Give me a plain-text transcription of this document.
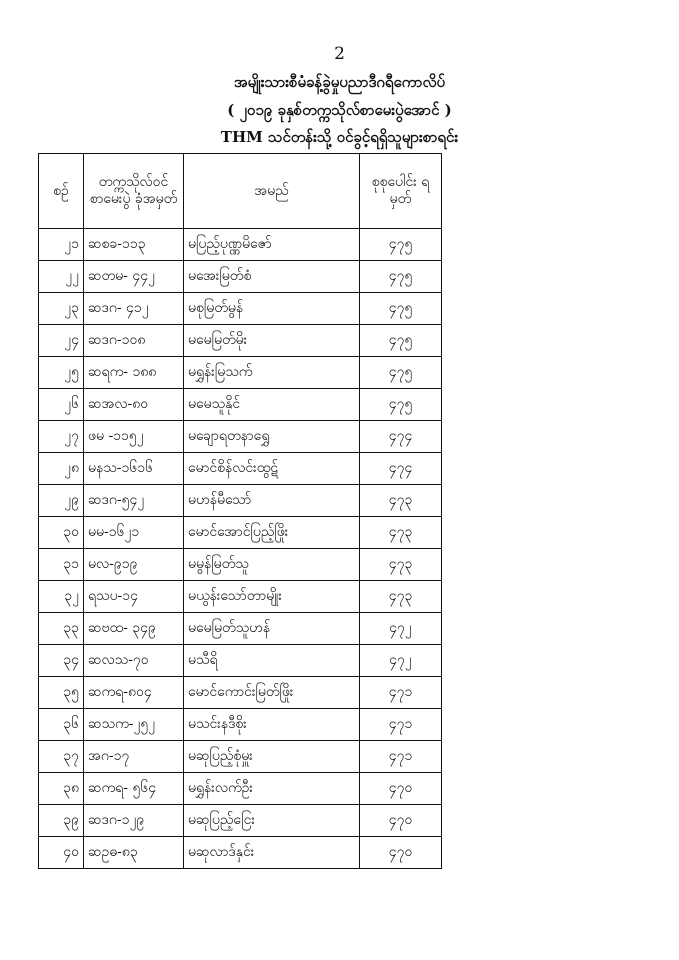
2
အမျိုးသားစီမံခန့်ခွဲမှုပညာဒီဂရီကောလိပ်
( ၂၀၁၉ ခုနှစ်တက္ကသိုလ်စာမေးပွဲအောင် )
THM သင်တန်းသို့ ဝင်ခွင့်ရရှိသူများစာရင်း
စဉ်	တက္ကသိုလ်ဝင် စာမေးပွဲ ခုံအမှတ်	အမည်	စုစုပေါင်း ရမှတ်
၂၁	ဆစခ-၁၁၃	မပြည့်ပုဏ္ဏမိဇော်	၄၇၅
၂၂	ဆတမ- ၄၄၂	မအေးမြတ်စံ	၄၇၅
၂၃	ဆဒဂ- ၄၁၂	မစုမြတ်မွန်	၄၇၅
၂၄	ဆဒဂ-၁၀၈	မမေမြတ်မိုး	၄၇၅
၂၅	ဆရက- ၁၈၈	မရွှန်းမြသက်	၄၇၅
၂၆	ဆအလ-၈၀	မမေသူနိုင်	၄၇၅
၂၇	ဖမ -၁၁၅၂	မချောရတနာရွှေ	၄၇၄
၂၈	မနသ-၁၆၁၆	မောင်စိန်လင်းထွဋ်	၄၇၄
၂၉	ဆဒဂ-၅၄၂	မဟန်မီသော်	၄၇၃
၃၀	မမ-၁၆၂၁	မောင်အောင်ပြည့်ဖြိုး	၄၇၃
၃၁	မလ-၉၁၉	မမွန်မြတ်သူ	၄၇၃
၃၂	ရသပ-၁၄	မယွန်းသော်တာမျိုး	၄၇၃
၃၃	ဆဗထ- ၃၄၉	မမေမြတ်သူဟန်	၄၇၂
၃၄	ဆလသ-၇၀	မသီရိ	၄၇၂
၃၅	ဆကရ-၈၀၄	မောင်ကောင်းမြတ်ဖြိုး	၄၇၁
၃၆	ဆသက-၂၅၂	မသင်းနဒီစိုး	၄၇၁
၃၇	အဂ-၁၇	မဆုပြည့်စုံမှူး	၄၇၁
၃၈	ဆကရ- ၅၆၄	မရွှန်းလက်ဦး	၄၇၀
၃၉	ဆဒဂ-၁၂၉	မဆုပြည့်ငြေး	၄၇၀
၄၀	ဆဥဓ-၈၃	မဆုလာဒ်နှင်း	၄၇၀
